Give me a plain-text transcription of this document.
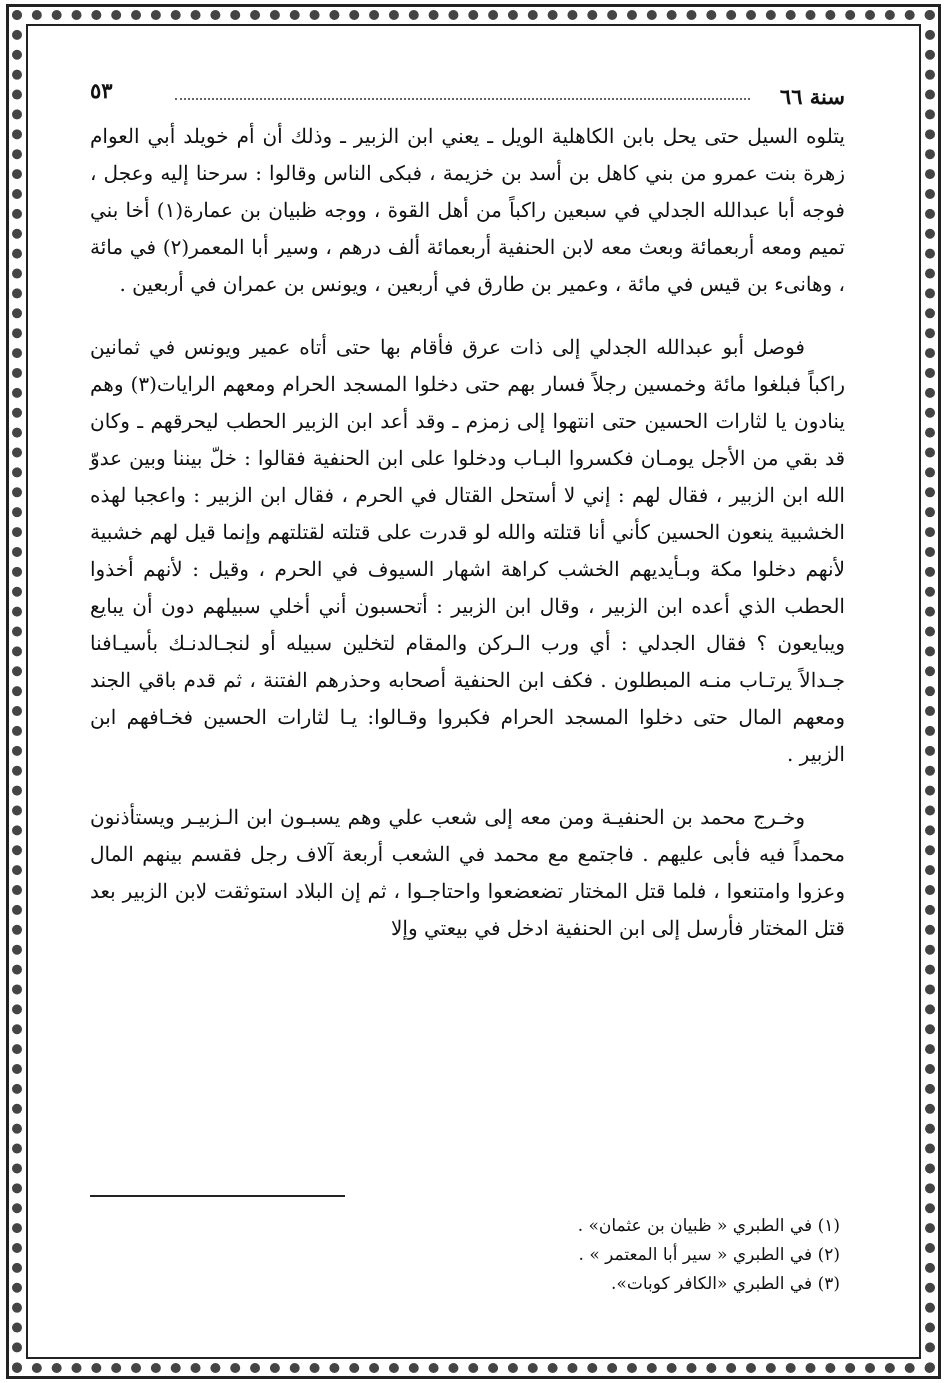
سنة ٦٦
٥٣

يتلوه السيل حتى يحل بابن الكاهلية الويل ـ يعني ابن الزبير ـ وذلك أن أم خويلد أبي العوام زهرة بنت عمرو من بني كاهل بن أسد بن خزيمة ، فبكى الناس وقالوا : سرحنا إليه وعجل ، فوجه أبا عبدالله الجدلي في سبعين راكباً من أهل القوة ، ووجه ظبيان بن عمارة(١) أخا بني تميم ومعه أربعمائة وبعث معه لابن الحنفية أربعمائة ألف درهم ، وسير أبا المعمر(٢) في مائة ، وهانىء بن قيس في مائة ، وعمير بن طارق في أربعين ، ويونس بن عمران في أربعين .

فوصل أبو عبدالله الجدلي إلى ذات عرق فأقام بها حتى أتاه عمير ويونس في ثمانين راكباً فبلغوا مائة وخمسين رجلاً فسار بهم حتى دخلوا المسجد الحرام ومعهم الرايات(٣) وهم ينادون يا لثارات الحسين حتى انتهوا إلى زمزم ـ وقد أعد ابن الزبير الحطب ليحرقهم ـ وكان قد بقي من الأجل يومـان فكسروا البـاب ودخلوا على ابن الحنفية فقالوا : خلّ بيننا وبين عدوّ الله ابن الزبير ، فقال لهم : إني لا أستحل القتال في الحرم ، فقال ابن الزبير : واعجبا لهذه الخشبية ينعون الحسين كأني أنا قتلته والله لو قدرت على قتلته لقتلتهم وإنما قيل لهم خشبية لأنهم دخلوا مكة وبـأيديهم الخشب كراهة اشهار السيوف في الحرم ، وقيل : لأنهم أخذوا الحطب الذي أعده ابن الزبير ، وقال ابن الزبير : أتحسبون أني أخلي سبيلهم دون أن يبايع ويبايعون ؟ فقال الجدلي : أي ورب الـركن والمقام لتخلين سبيله أو لنجـالدنـك بأسيـافنا جـدالاً يرتـاب منـه المبطلون . فكف ابن الحنفية أصحابه وحذرهم الفتنة ، ثم قدم باقي الجند ومعهم المال حتى دخلوا المسجد الحرام فكبروا وقـالوا: يـا لثارات الحسين فخـافهم ابن الزبير .

وخـرج محمد بن الحنفيـة ومن معه إلى شعب علي وهم يسبـون ابن الـزبيـر ويستأذنون محمداً فيه فأبى عليهم . فاجتمع مع محمد في الشعب أربعة آلاف رجل فقسم بينهم المال وعزوا وامتنعوا ، فلما قتل المختار تضعضعوا واحتاجـوا ، ثم إن البلاد استوثقت لابن الزبير بعد قتل المختار فأرسل إلى ابن الحنفية ادخل في بيعتي وإلا

(١) في الطبري « ظبيان بن عثمان» .
(٢) في الطبري « سير أبا المعتمر » .
(٣) في الطبري «الكافر كوبات».
